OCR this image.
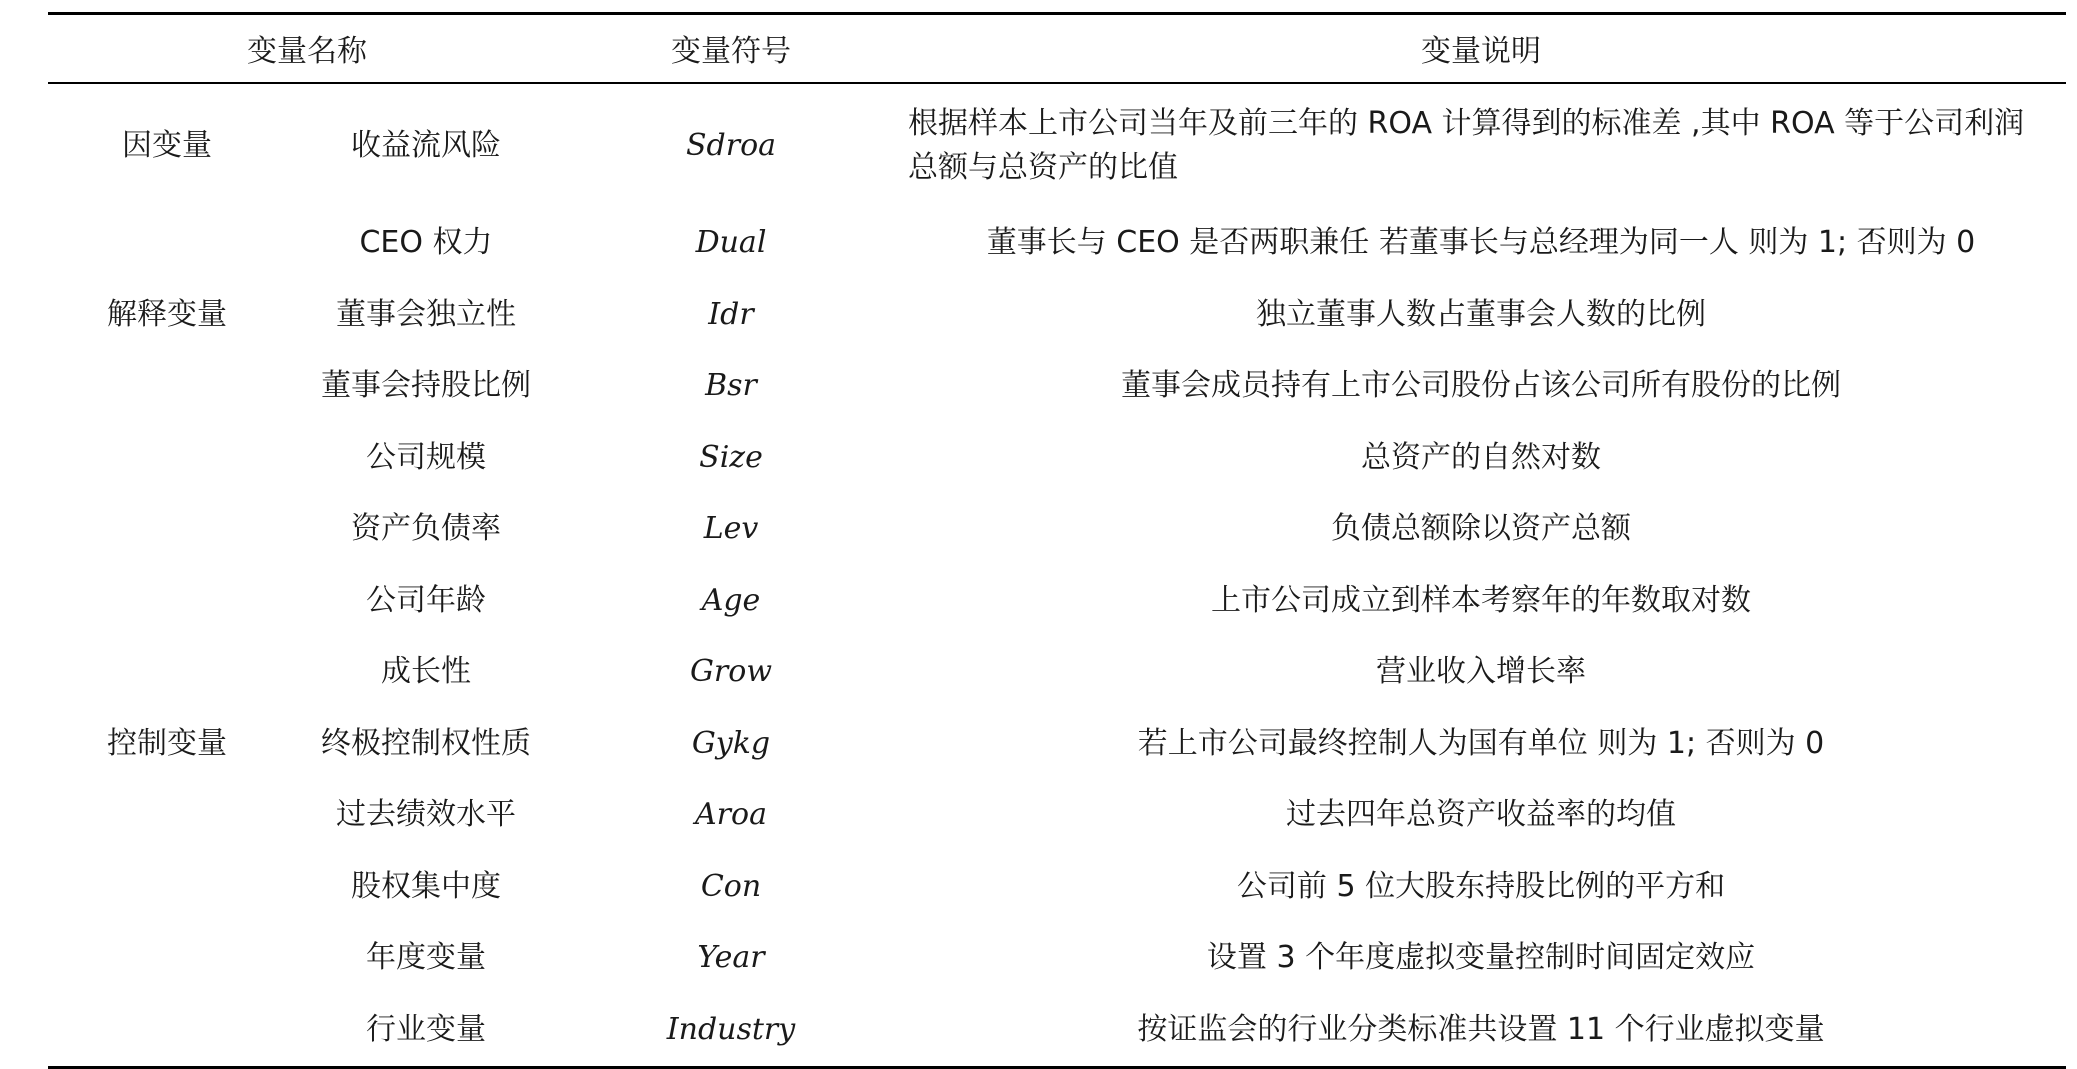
变量名称		变量符号	变量说明
因变量	收益流风险	Sdroa	根据样本上市公司当年及前三年的 ROA 计算得到的标准差 ,其中 ROA 等于公司利润总额与总资产的比值
解释变量	CEO 权力	Dual	董事长与 CEO 是否两职兼任 若董事长与总经理为同一人 则为 1; 否则为 0
	董事会独立性	Idr	独立董事人数占董事会人数的比例
	董事会持股比例	Bsr	董事会成员持有上市公司股份占该公司所有股份的比例
控制变量	公司规模	Size	总资产的自然对数
	资产负债率	Lev	负债总额除以资产总额
	公司年龄	Age	上市公司成立到样本考察年的年数取对数
	成长性	Grow	营业收入增长率
	终极控制权性质	Gykg	若上市公司最终控制人为国有单位 则为 1; 否则为 0
	过去绩效水平	Aroa	过去四年总资产收益率的均值
	股权集中度	Con	公司前 5 位大股东持股比例的平方和
	年度变量	Year	设置 3 个年度虚拟变量控制时间固定效应
	行业变量	Industry	按证监会的行业分类标准共设置 11 个行业虚拟变量
